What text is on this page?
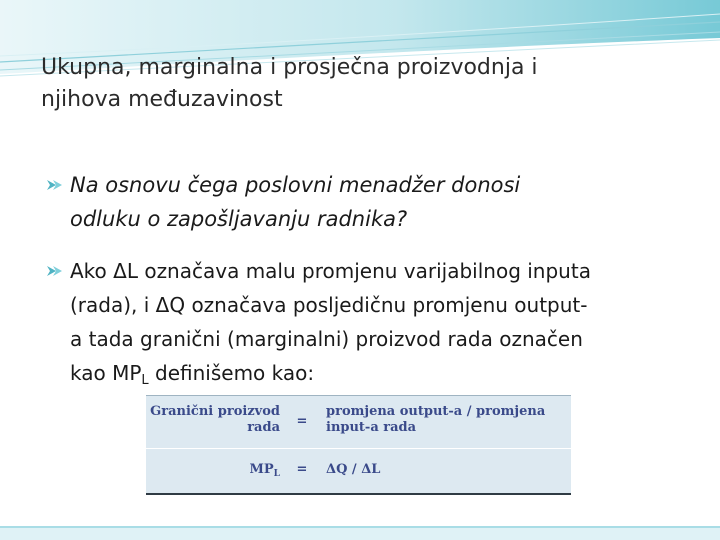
Ukupna, marginalna i prosječna proizvodnja i
njihova međuzavinost
Na osnovu čega poslovni menadžer donosi
odluku o zapošljavanju radnika?
Ako ΔL označava malu promjenu varijabilnog inputa
(rada), i ΔQ označava posljedičnu promjenu output-
a tada granični (marginalni) proizvod rada označen
kao $MP_L$ definišemo kao:
Granični proizvod
rada =
promjena output-a / promjena
input-a rada
$MP_L = \Delta Q / \Delta L$
